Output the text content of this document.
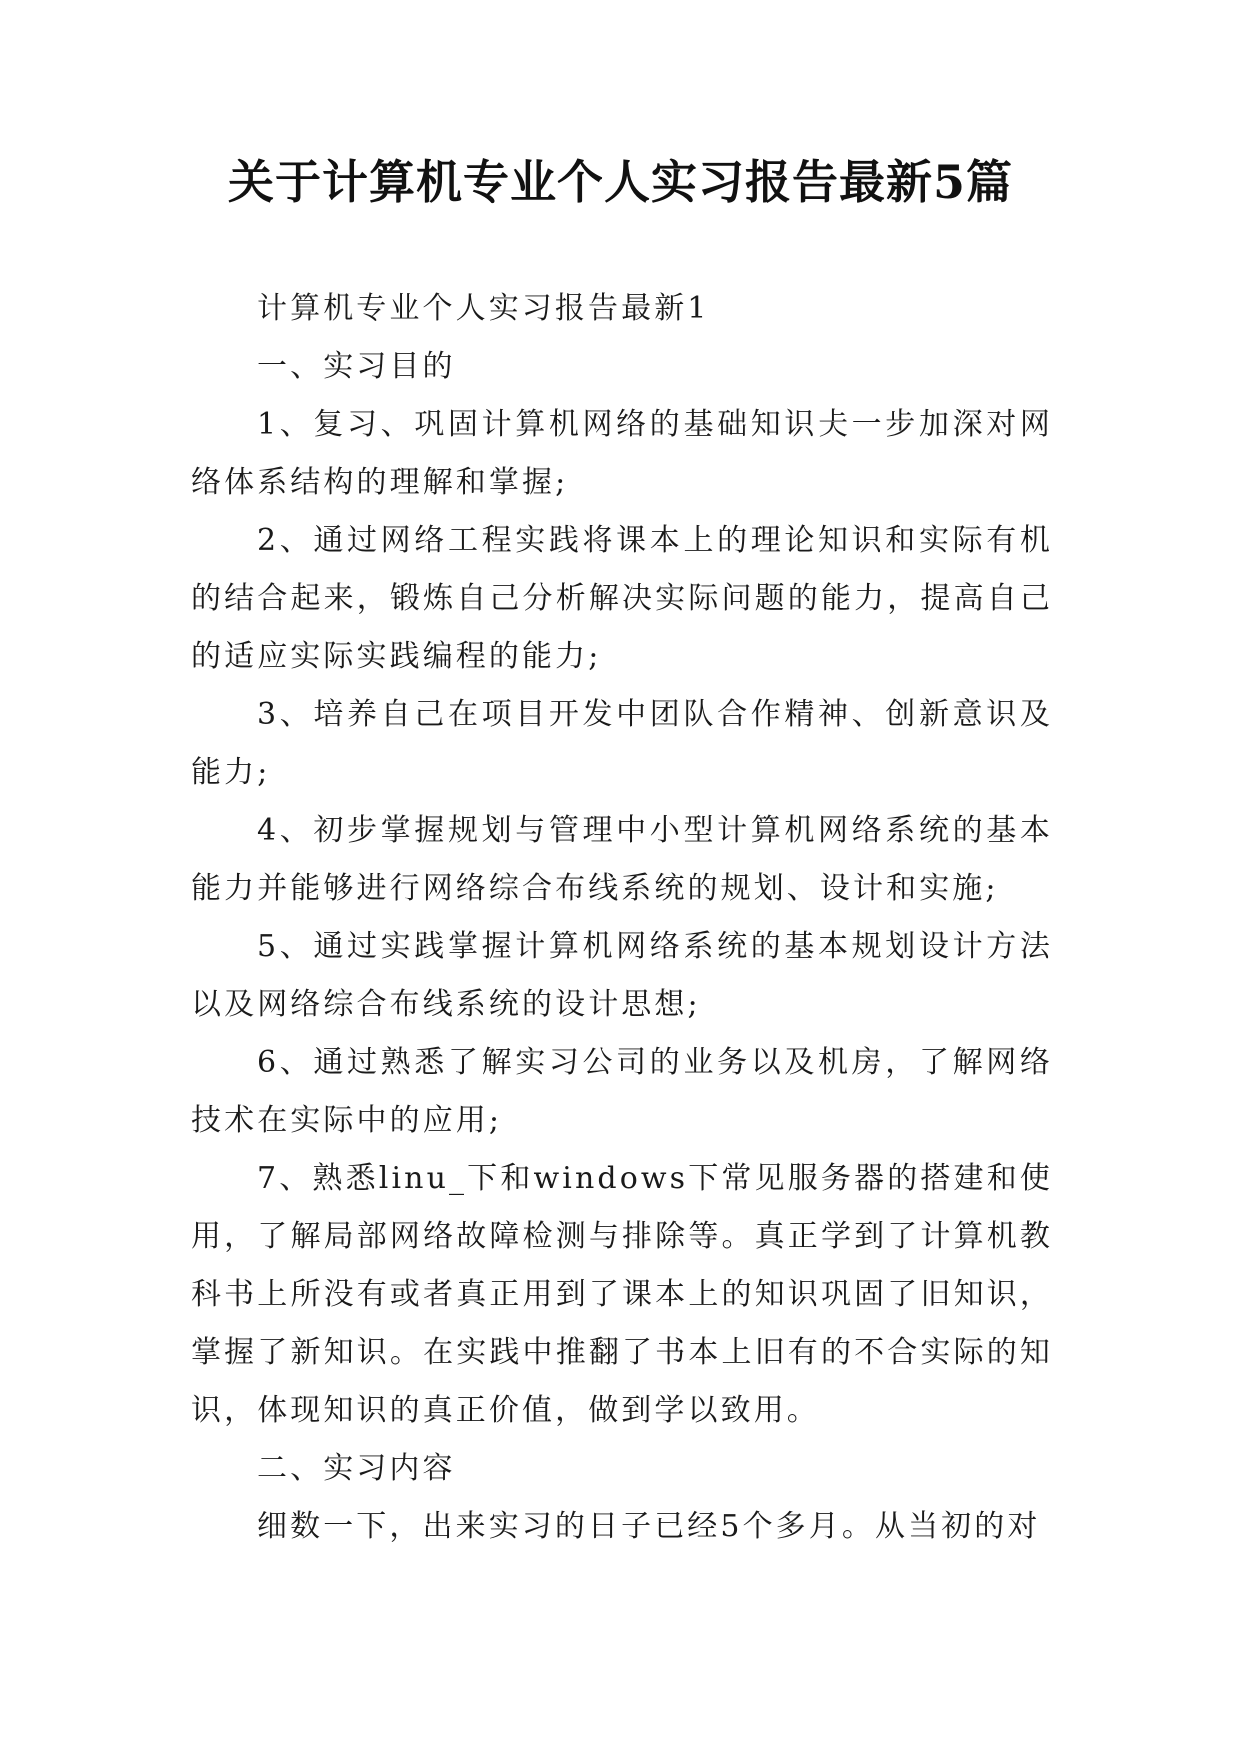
关于计算机专业个人实习报告最新5篇

计算机专业个人实习报告最新1

一、实习目的

1、复习、巩固计算机网络的基础知识仧一步加深对网络体系结构的理解和掌握;

2、通过网络工程实践将课本上的理论知识和实际有机的结合起来，锻炼自己分析解决实际问题的能力，提高自己的适应实际实践编程的能力;

3、培养自己在项目开发中团队合作精神、创新意识及能力;

4、初步掌握规划与管理中小型计算机网络系统的基本能力并能够进行网络综合布线系统的规划、设计和实施;

5、通过实践掌握计算机网络系统的基本规划设计方法以及网络综合布线系统的设计思想;

6、通过熟悉了解实习公司的业务以及机房，了解网络技术在实际中的应用;

7、熟悉linu_下和windows下常见服务器的搭建和使用，了解局部网络故障检测与排除等。真正学到了计算机教科书上所没有或者真正用到了课本上的知识巩固了旧知识，掌握了新知识。在实践中推翻了书本上旧有的不合实际的知识，体现知识的真正价值，做到学以致用。

二、实习内容

细数一下，出来实习的日子已经5个多月。从当初的对
